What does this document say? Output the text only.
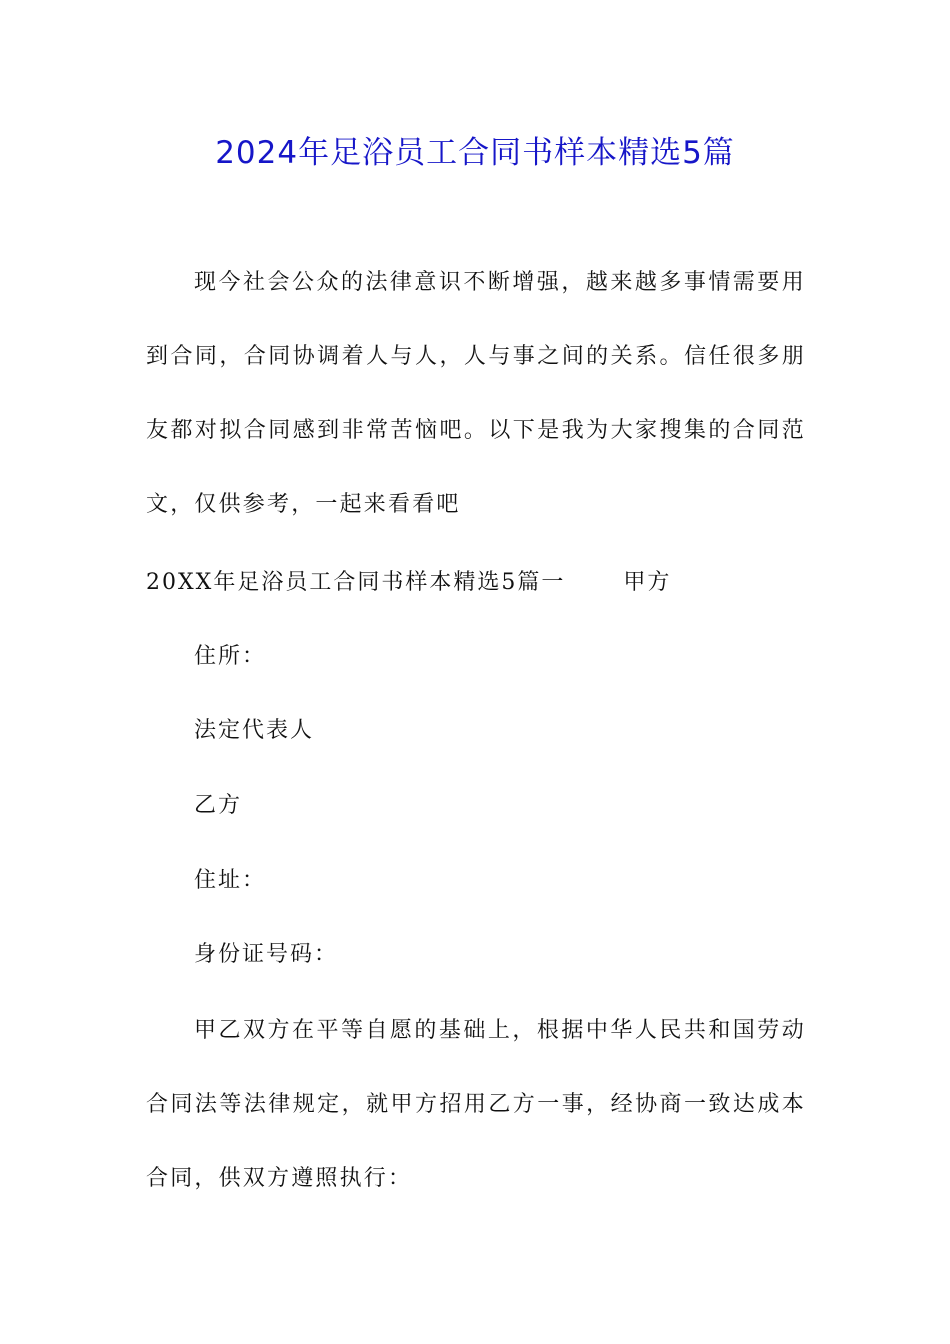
2024年足浴员工合同书样本精选5篇

现今社会公众的法律意识不断增强，越来越多事情需要用到合同，合同协调着人与人，人与事之间的关系。信任很多朋友都对拟合同感到非常苦恼吧。以下是我为大家搜集的合同范文，仅供参考，一起来看看吧

20XX年足浴员工合同书样本精选5篇一	甲方

住所：

法定代表人

乙方

住址：

身份证号码：

甲乙双方在平等自愿的基础上，根据中华人民共和国劳动合同法等法律规定，就甲方招用乙方一事，经协商一致达成本合同，供双方遵照执行：
